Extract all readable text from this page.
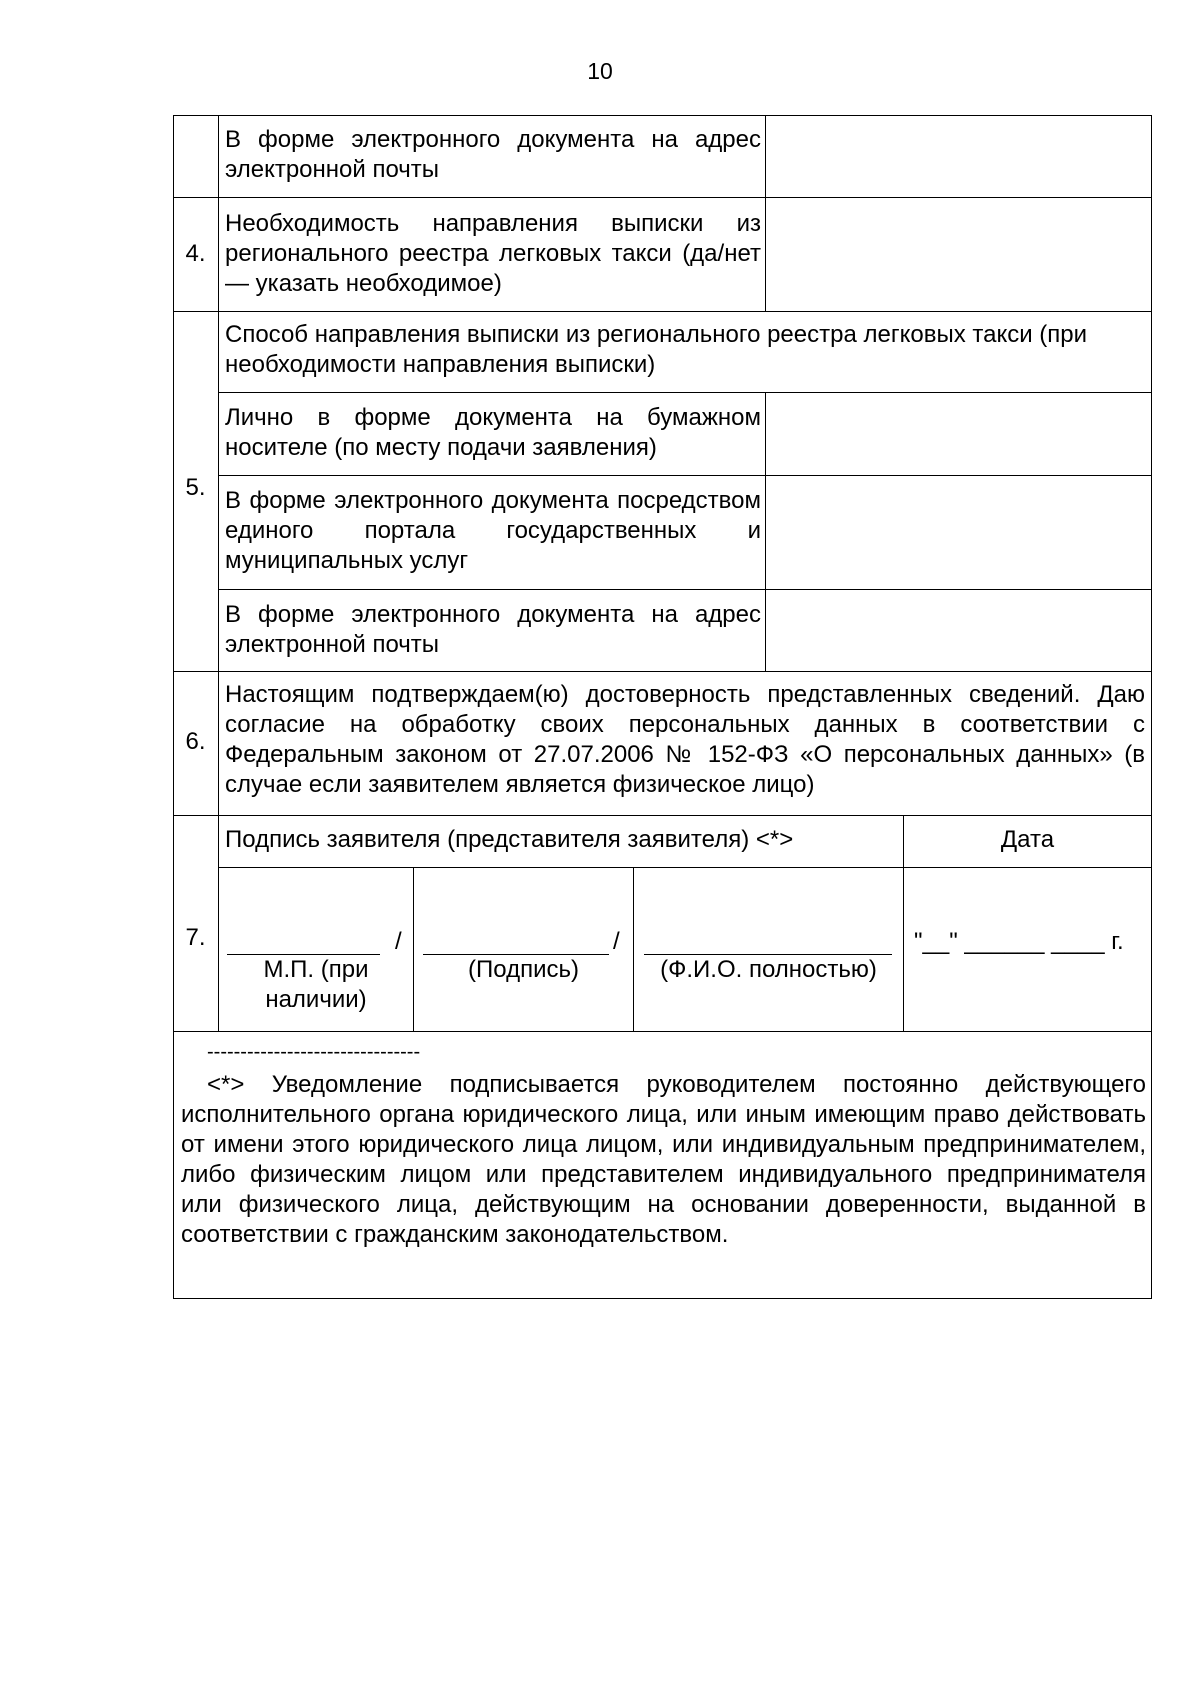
10
В форме электронного документа на адрес электронной почты
4.
Необходимость направления выписки из регионального реестра легковых такси (да/нет — указать необходимое)
5.
Способ направления выписки из регионального реестра легковых такси (при необходимости направления выписки)
Лично в форме документа на бумажном носителе (по месту подачи заявления)
В форме электронного документа посредством единого портала государственных и муниципальных услуг
В форме электронного документа на адрес электронной почты
6.
Настоящим подтверждаем(ю) достоверность представленных сведений. Даю согласие на обработку своих персональных данных в соответствии с Федеральным законом от 27.07.2006 № 152-ФЗ «О персональных данных» (в случае если заявителем является физическое лицо)
7.
Подпись заявителя (представителя заявителя) <*>	Дата
/
М.П. (при наличии)
/
(Подпись)	(Ф.И.О. полностью)
"__" ______ ____ г.
--------------------------------
<*> Уведомление подписывается руководителем постоянно действующего исполнительного органа юридического лица, или иным имеющим право действовать от имени этого юридического лица лицом, или индивидуальным предпринимателем, либо физическим лицом или представителем индивидуального предпринимателя или физического лица, действующим на основании доверенности, выданной в соответствии с гражданским законодательством.
